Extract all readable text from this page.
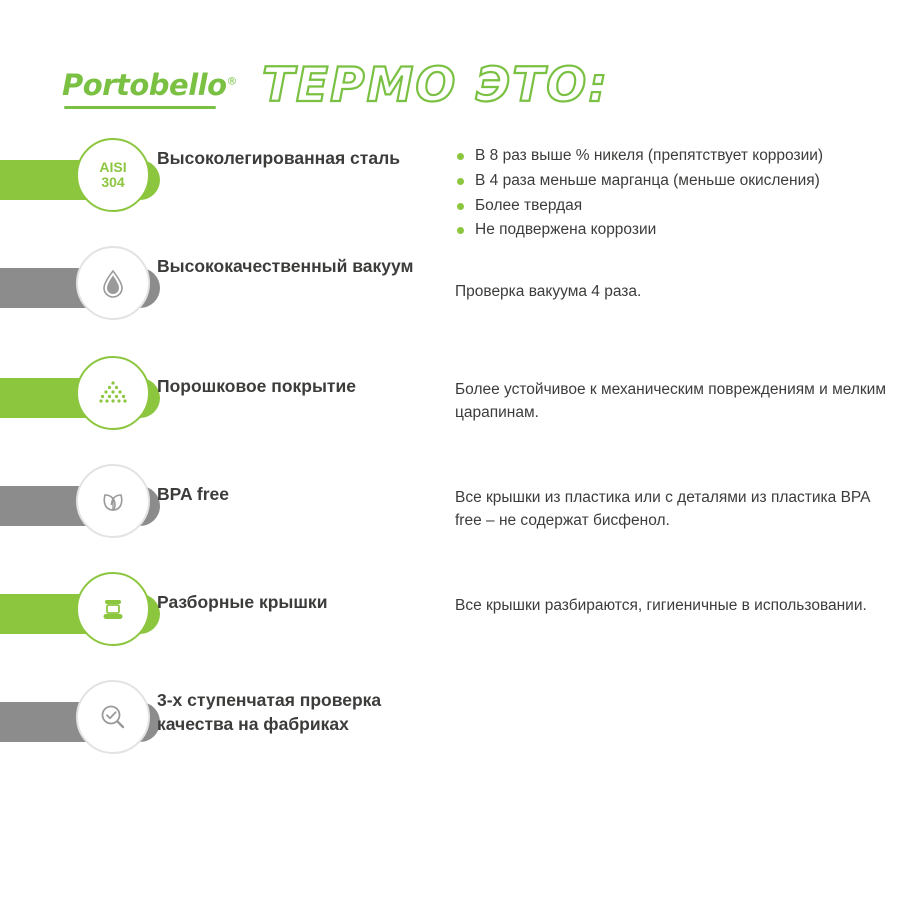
Portobello® ТЕРМО ЭТО:
AISI
304
Высоколегированная сталь	В 8 раз выше % никеля (препятствует коррозии)
В 4 раза меньше марганца (меньше окисления)
Более твердая
Не подвержена коррозии
Высококачественный вакуум
Проверка вакуума 4 раза.
Порошковое покрытие	Более устойчивое к механическим повреждениям и мелким царапинам.
BPA free	Все крышки из пластика или с деталями из пластика BPA free – не содержат бисфенол.
Разборные крышки	Все крышки разбираются, гигиеничные в использовании.
3-х ступенчатая проверка качества на фабриках
